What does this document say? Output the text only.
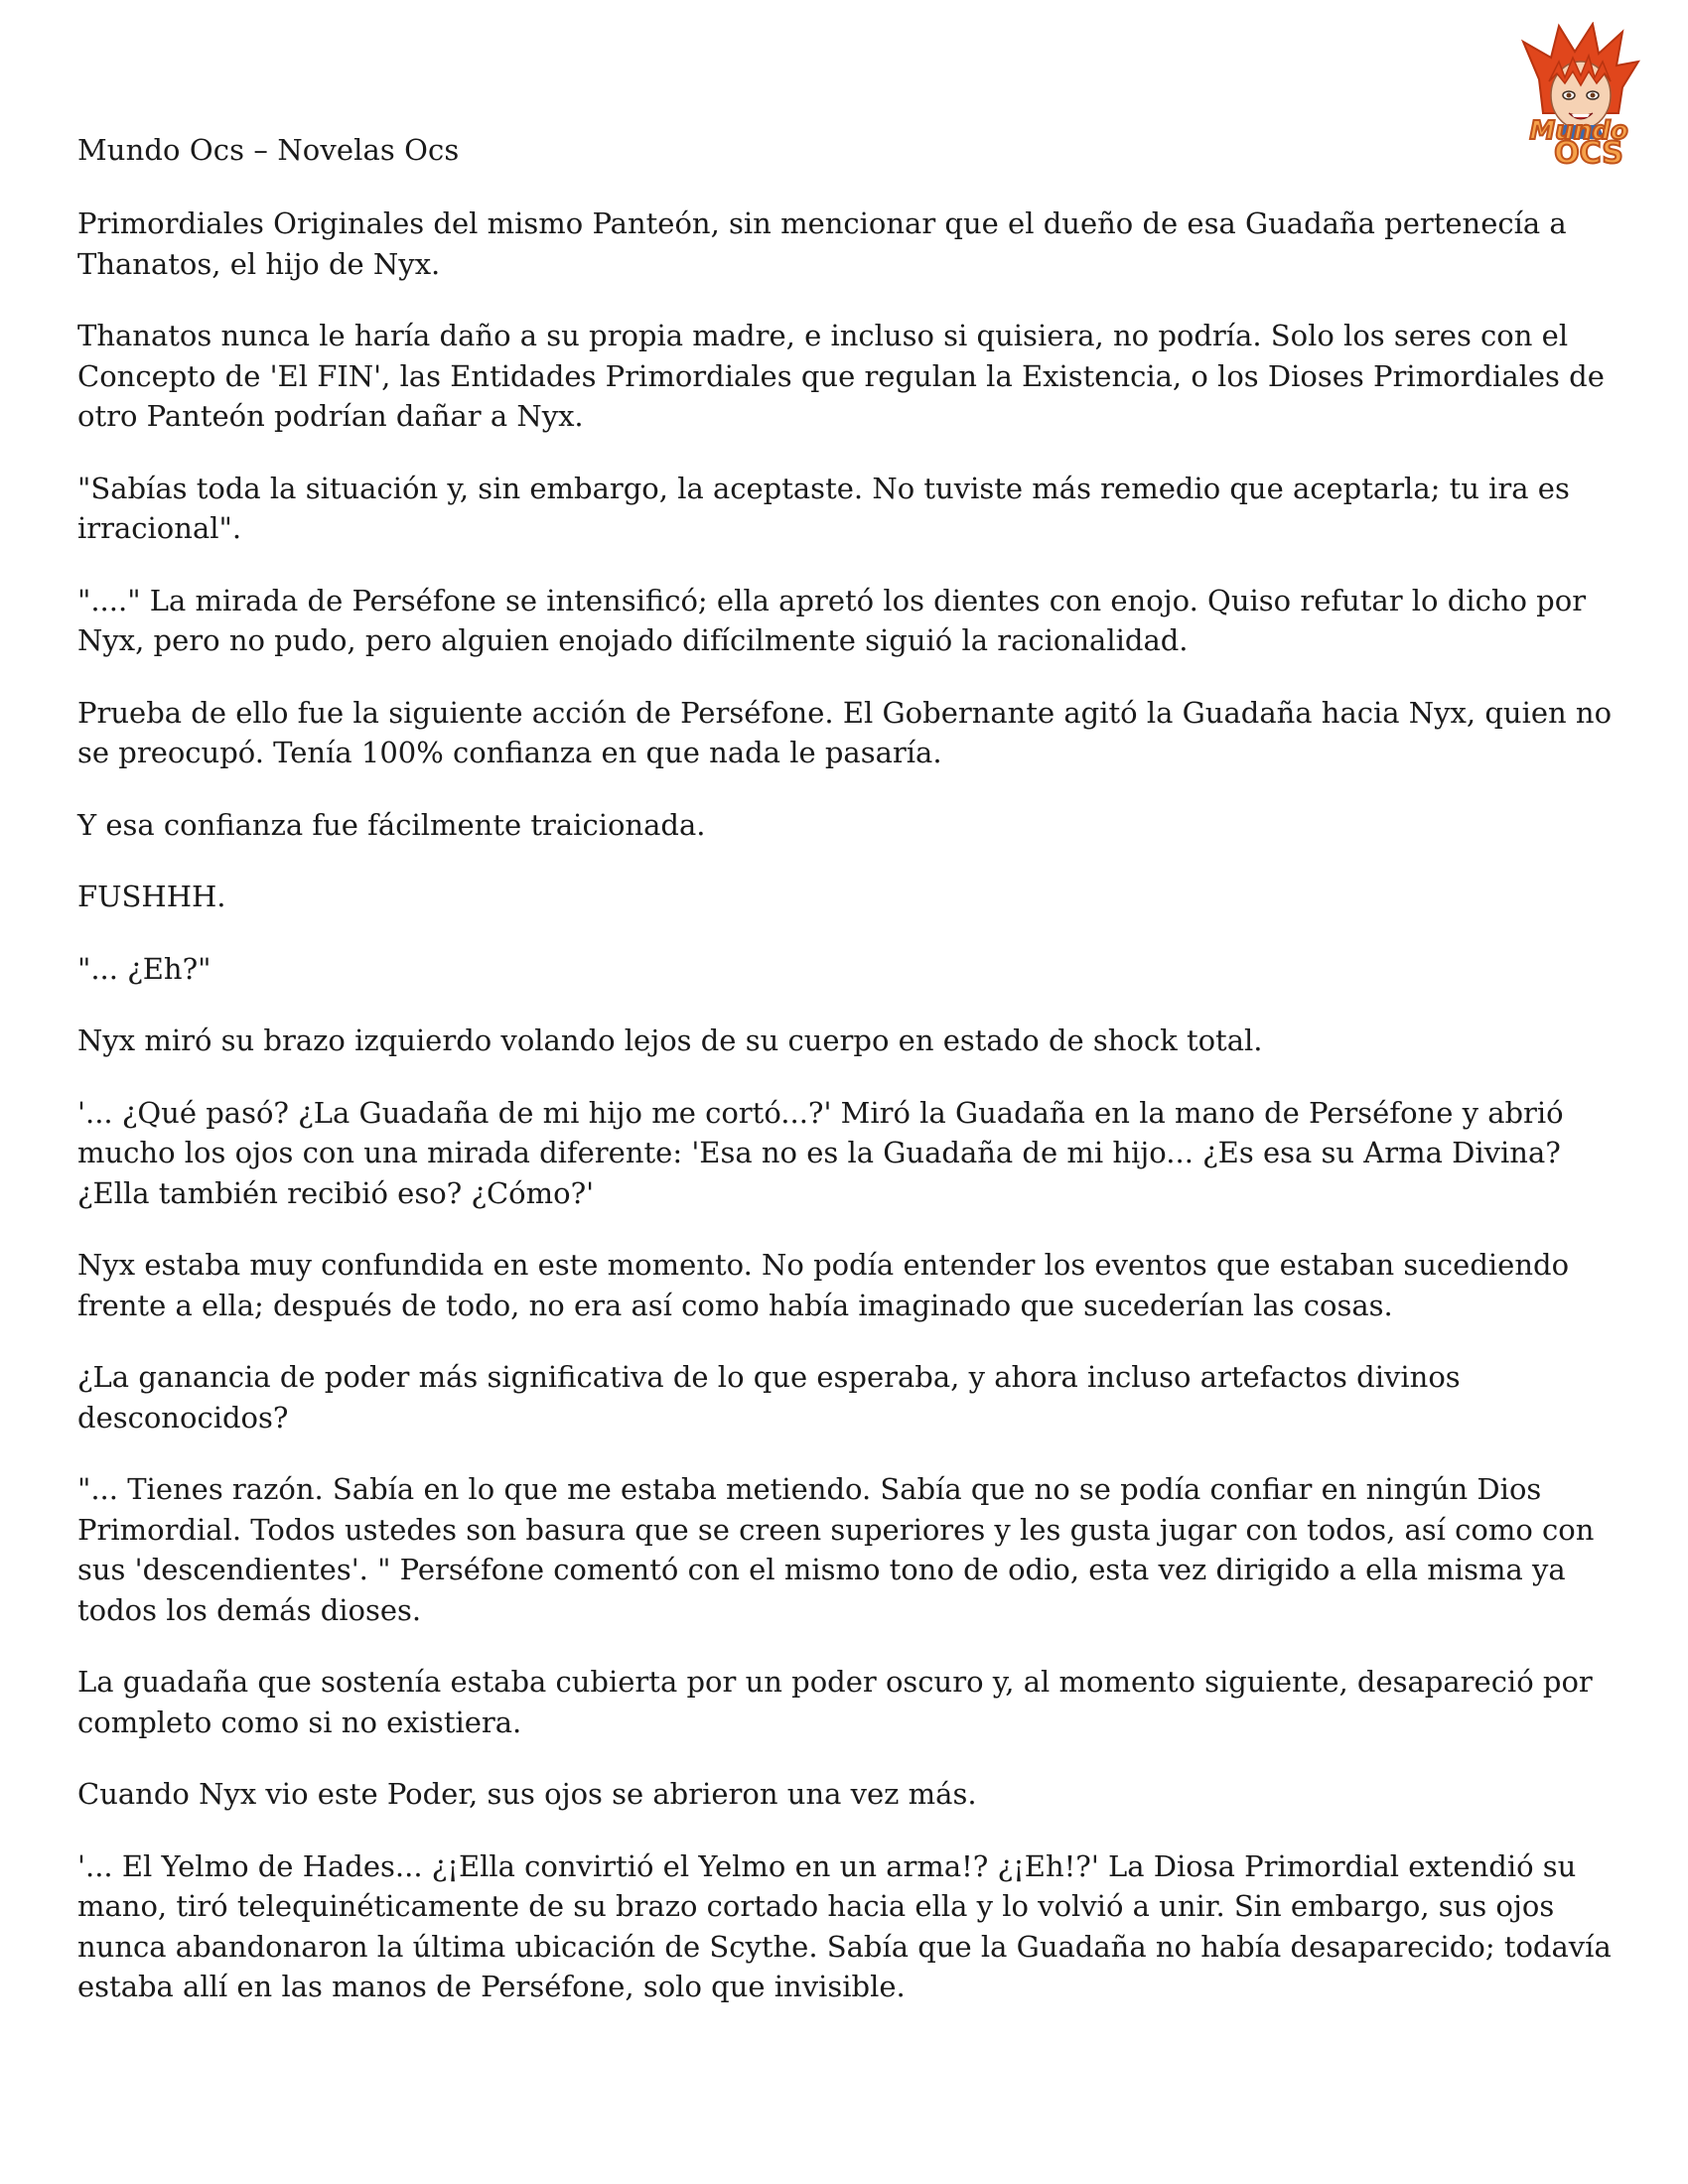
Mundo Ocs – Novelas Ocs
Mundo
OCS

Primordiales Originales del mismo Panteón, sin mencionar que el dueño de esa Guadaña pertenecía a Thanatos, el hijo de Nyx.

Thanatos nunca le haría daño a su propia madre, e incluso si quisiera, no podría. Solo los seres con el Concepto de 'El FIN', las Entidades Primordiales que regulan la Existencia, o los Dioses Primordiales de otro Panteón podrían dañar a Nyx.

"Sabías toda la situación y, sin embargo, la aceptaste. No tuviste más remedio que aceptarla; tu ira es irracional".

"...." La mirada de Perséfone se intensificó; ella apretó los dientes con enojo. Quiso refutar lo dicho por Nyx, pero no pudo, pero alguien enojado difícilmente siguió la racionalidad.

Prueba de ello fue la siguiente acción de Perséfone. El Gobernante agitó la Guadaña hacia Nyx, quien no se preocupó. Tenía 100% confianza en que nada le pasaría.

Y esa confianza fue fácilmente traicionada.

FUSHHH.

"... ¿Eh?"

Nyx miró su brazo izquierdo volando lejos de su cuerpo en estado de shock total.

'... ¿Qué pasó? ¿La Guadaña de mi hijo me cortó...?' Miró la Guadaña en la mano de Perséfone y abrió mucho los ojos con una mirada diferente: 'Esa no es la Guadaña de mi hijo... ¿Es esa su Arma Divina? ¿Ella también recibió eso? ¿Cómo?'

Nyx estaba muy confundida en este momento. No podía entender los eventos que estaban sucediendo frente a ella; después de todo, no era así como había imaginado que sucederían las cosas.

¿La ganancia de poder más significativa de lo que esperaba, y ahora incluso artefactos divinos desconocidos?

"... Tienes razón. Sabía en lo que me estaba metiendo. Sabía que no se podía confiar en ningún Dios Primordial. Todos ustedes son basura que se creen superiores y les gusta jugar con todos, así como con sus 'descendientes'. " Perséfone comentó con el mismo tono de odio, esta vez dirigido a ella misma ya todos los demás dioses.

La guadaña que sostenía estaba cubierta por un poder oscuro y, al momento siguiente, desapareció por completo como si no existiera.

Cuando Nyx vio este Poder, sus ojos se abrieron una vez más.

'... El Yelmo de Hades... ¿¡Ella convirtió el Yelmo en un arma!? ¿¡Eh!?' La Diosa Primordial extendió su mano, tiró telequinéticamente de su brazo cortado hacia ella y lo volvió a unir. Sin embargo, sus ojos nunca abandonaron la última ubicación de Scythe. Sabía que la Guadaña no había desaparecido; todavía estaba allí en las manos de Perséfone, solo que invisible.
